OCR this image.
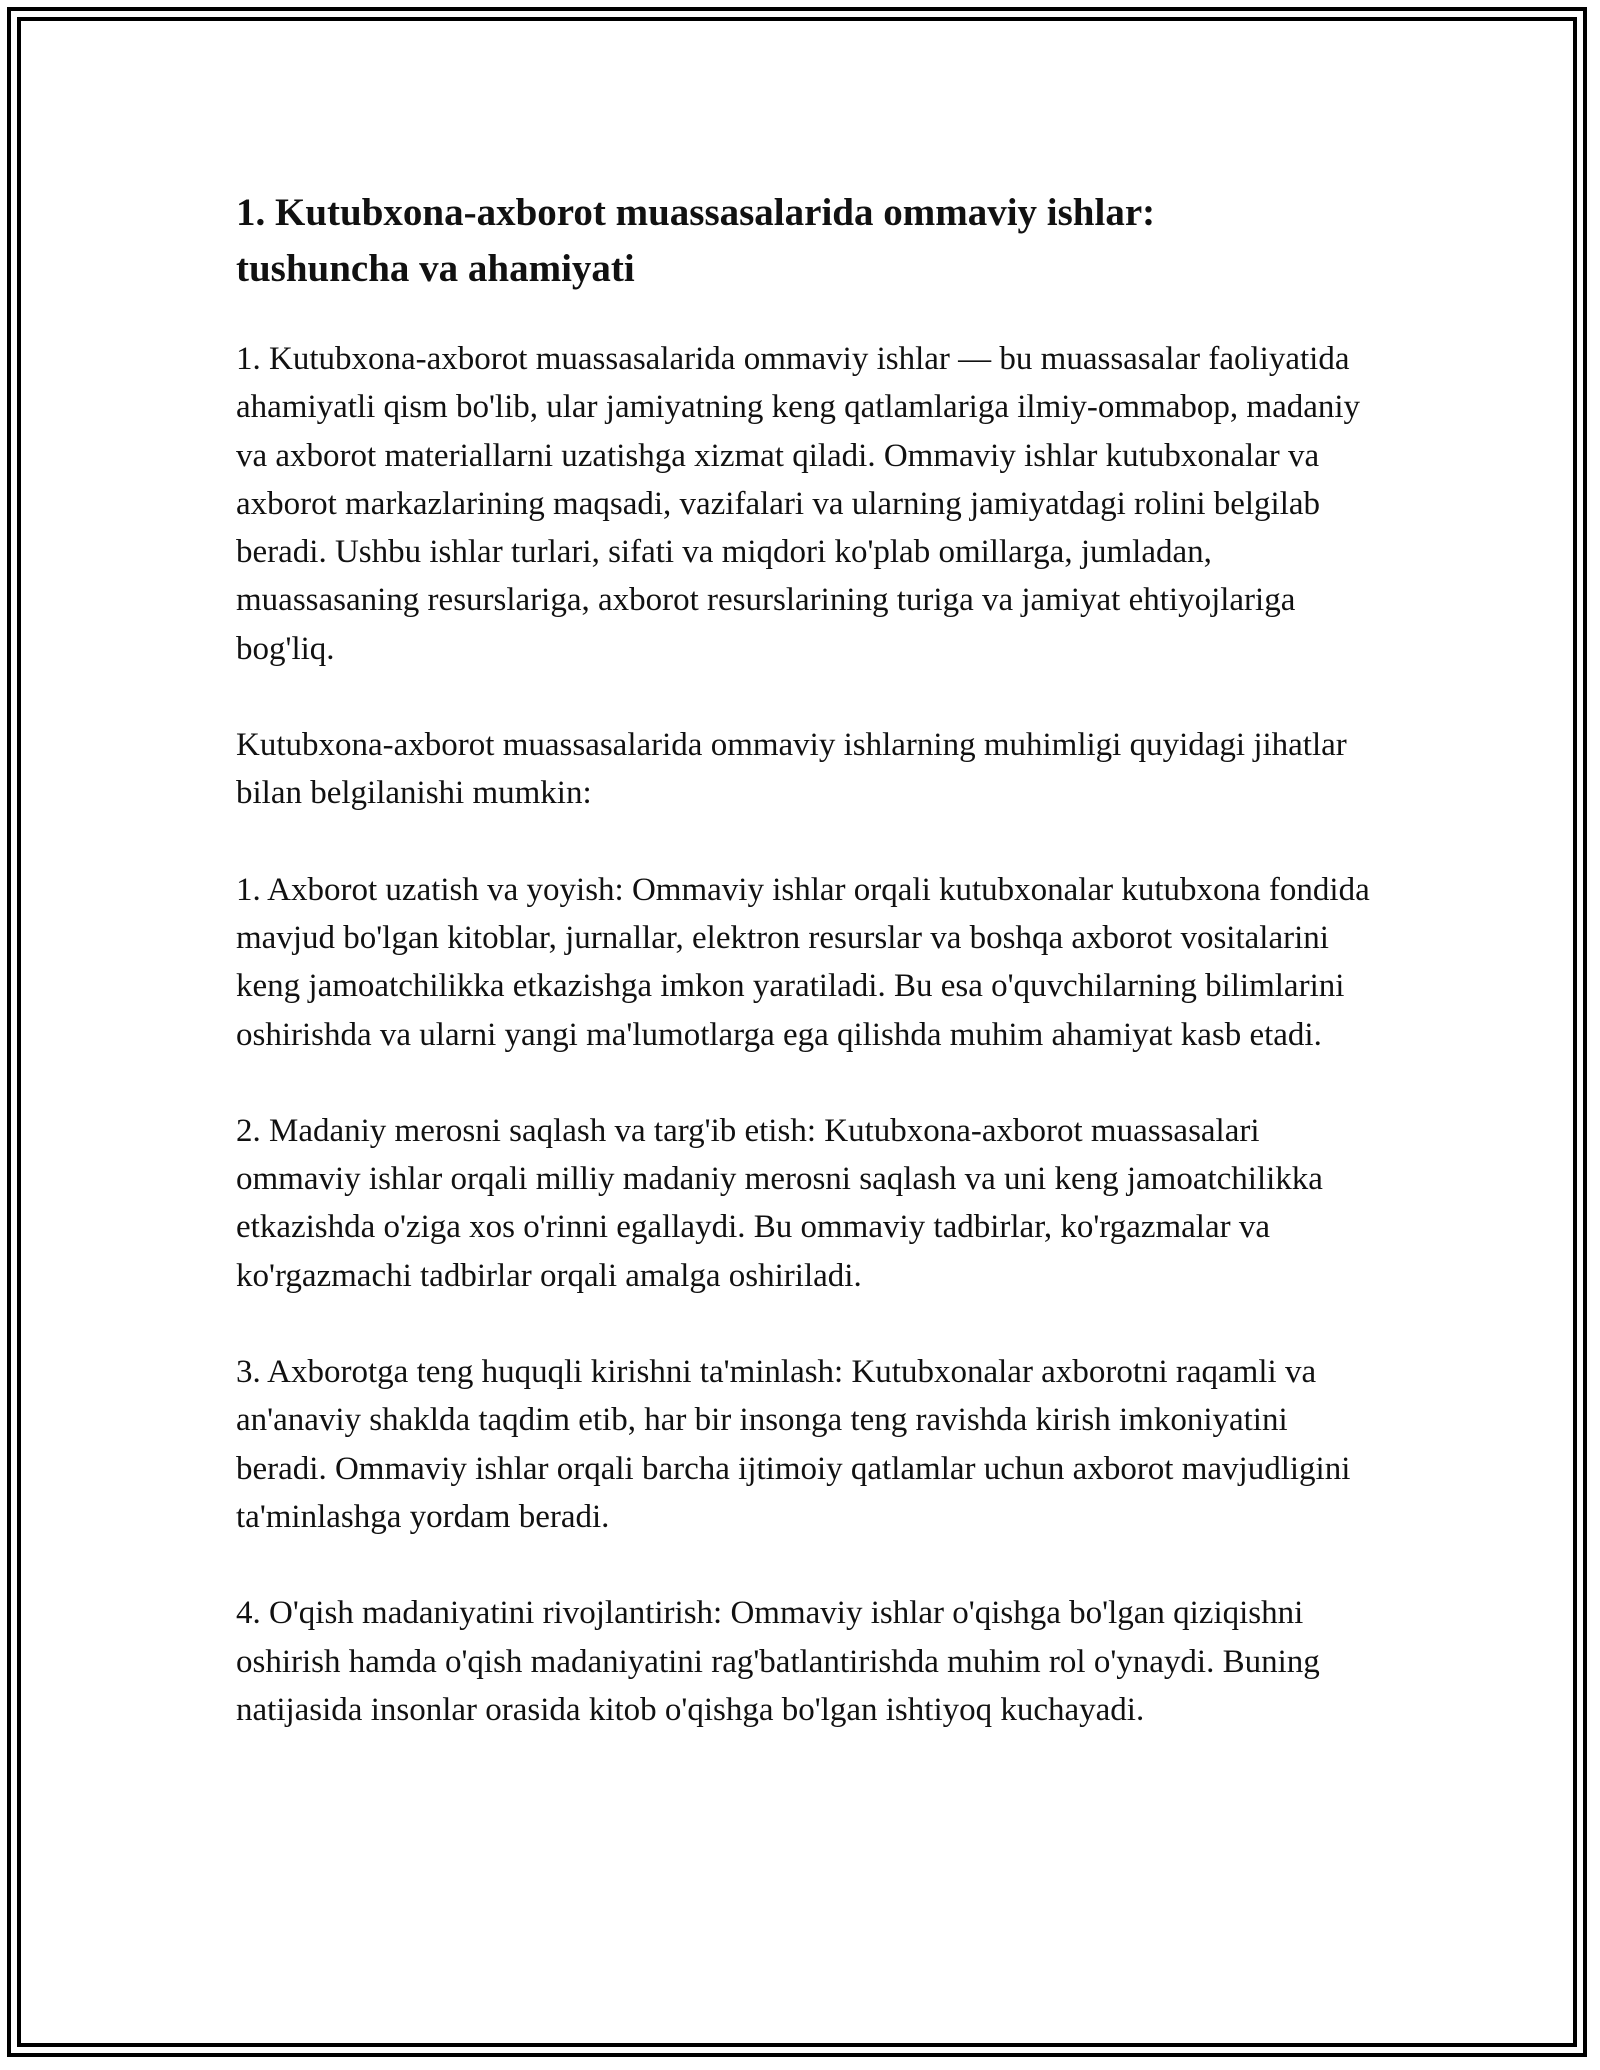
1. Kutubxona-axborot muassasalarida ommaviy ishlar:
tushuncha va ahamiyati

1. Kutubxona-axborot muassasalarida ommaviy ishlar — bu muassasalar faoliyatida ahamiyatli qism bo'lib, ular jamiyatning keng qatlamlariga ilmiy-ommabop, madaniy va axborot materiallarni uzatishga xizmat qiladi. Ommaviy ishlar kutubxonalar va axborot markazlarining maqsadi, vazifalari va ularning jamiyatdagi rolini belgilab beradi. Ushbu ishlar turlari, sifati va miqdori ko'plab omillarga, jumladan, muassasaning resurslariga, axborot resurslarining turiga va jamiyat ehtiyojlariga bog'liq.

Kutubxona-axborot muassasalarida ommaviy ishlarning muhimligi quyidagi jihatlar bilan belgilanishi mumkin:

1. Axborot uzatish va yoyish: Ommaviy ishlar orqali kutubxonalar kutubxona fondida mavjud bo'lgan kitoblar, jurnallar, elektron resurslar va boshqa axborot vositalarini keng jamoatchilikka etkazishga imkon yaratiladi. Bu esa o'quvchilarning bilimlarini oshirishda va ularni yangi ma'lumotlarga ega qilishda muhim ahamiyat kasb etadi.

2. Madaniy merosni saqlash va targ'ib etish: Kutubxona-axborot muassasalari ommaviy ishlar orqali milliy madaniy merosni saqlash va uni keng jamoatchilikka etkazishda o'ziga xos o'rinni egallaydi. Bu ommaviy tadbirlar, ko'rgazmalar va ko'rgazmachi tadbirlar orqali amalga oshiriladi.

3. Axborotga teng huquqli kirishni ta'minlash: Kutubxonalar axborotni raqamli va an'anaviy shaklda taqdim etib, har bir insonga teng ravishda kirish imkoniyatini beradi. Ommaviy ishlar orqali barcha ijtimoiy qatlamlar uchun axborot mavjudligini ta'minlashga yordam beradi.

4. O'qish madaniyatini rivojlantirish: Ommaviy ishlar o'qishga bo'lgan qiziqishni oshirish hamda o'qish madaniyatini rag'batlantirishda muhim rol o'ynaydi. Buning natijasida insonlar orasida kitob o'qishga bo'lgan ishtiyoq kuchayadi.
